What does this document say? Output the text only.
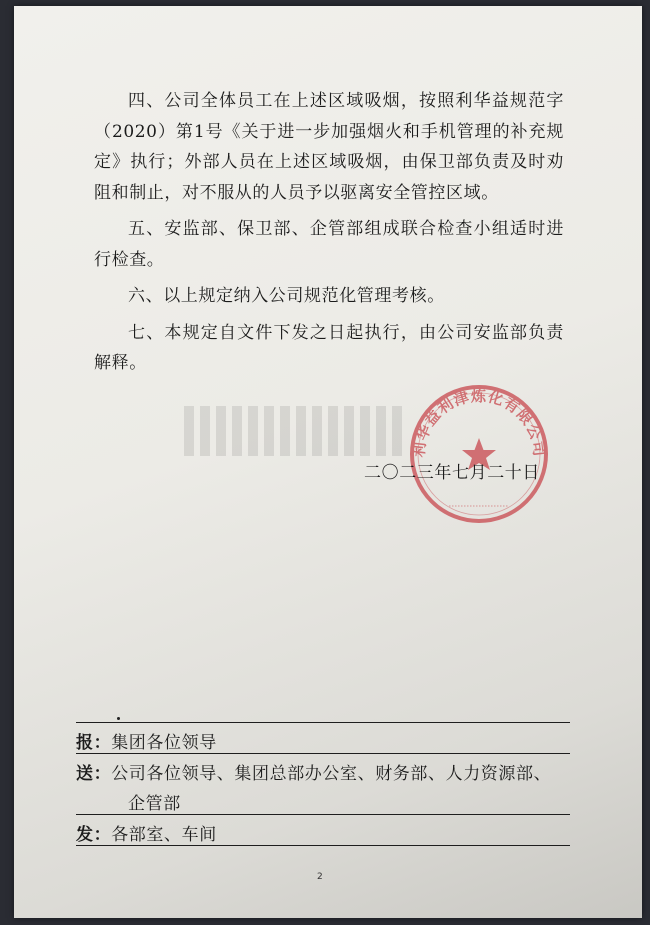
四、公司全体员工在上述区域吸烟，按照利华益规范字（2020）第1号《关于进一步加强烟火和手机管理的补充规定》执行；外部人员在上述区域吸烟，由保卫部负责及时劝阻和制止，对不服从的人员予以驱离安全管控区域。

五、安监部、保卫部、企管部组成联合检查小组适时进行检查。

六、以上规定纳入公司规范化管理考核。

七、本规定自文件下发之日起执行，由公司安监部负责解释。

利华益利津炼化有限公司
二〇二三年七月二十日
报： 集团各位领导
送： 公司各位领导、集团总部办公室、财务部、人力资源部、
企管部
发： 各部室、车间
2
